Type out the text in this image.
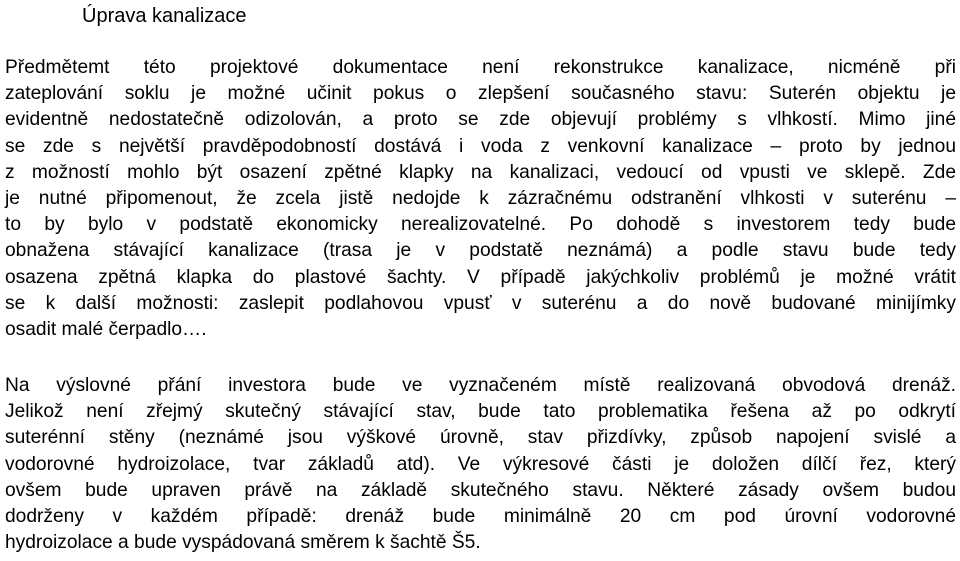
Úprava kanalizace
Předmětemt této projektové dokumentace není rekonstrukce kanalizace, nicméně při
zateplování soklu je možné učinit pokus o zlepšení současného stavu: Suterén objektu je
evidentně nedostatečně odizolován, a proto se zde objevují problémy s vlhkostí. Mimo jiné
se zde s největší pravděpodobností dostává i voda z venkovní kanalizace – proto by jednou
z možností mohlo být osazení zpětné klapky na kanalizaci, vedoucí od vpusti ve sklepě. Zde
je nutné připomenout, že zcela jistě nedojde k zázračnému odstranění vlhkosti v suterénu –
to by bylo v podstatě ekonomicky nerealizovatelné. Po dohodě s investorem tedy bude
obnažena stávající kanalizace (trasa je v podstatě neznámá) a podle stavu bude tedy
osazena zpětná klapka do plastové šachty. V případě jakýchkoliv problémů je možné vrátit
se k další možnosti: zaslepit podlahovou vpusť v suterénu a do nově budované minijímky
osadit malé čerpadlo….
Na výslovné přání investora bude ve vyznačeném místě realizovaná obvodová drenáž.
Jelikož není zřejmý skutečný stávající stav, bude tato problematika řešena až po odkrytí
suterénní stěny (neznámé jsou výškové úrovně, stav přizdívky, způsob napojení svislé a
vodorovné hydroizolace, tvar základů atd). Ve výkresové části je doložen dílčí řez, který
ovšem bude upraven právě na základě skutečného stavu. Některé zásady ovšem budou
dodrženy v každém případě: drenáž bude minimálně 20 cm pod úrovní vodorovné
hydroizolace a bude vyspádovaná směrem k šachtě Š5.
